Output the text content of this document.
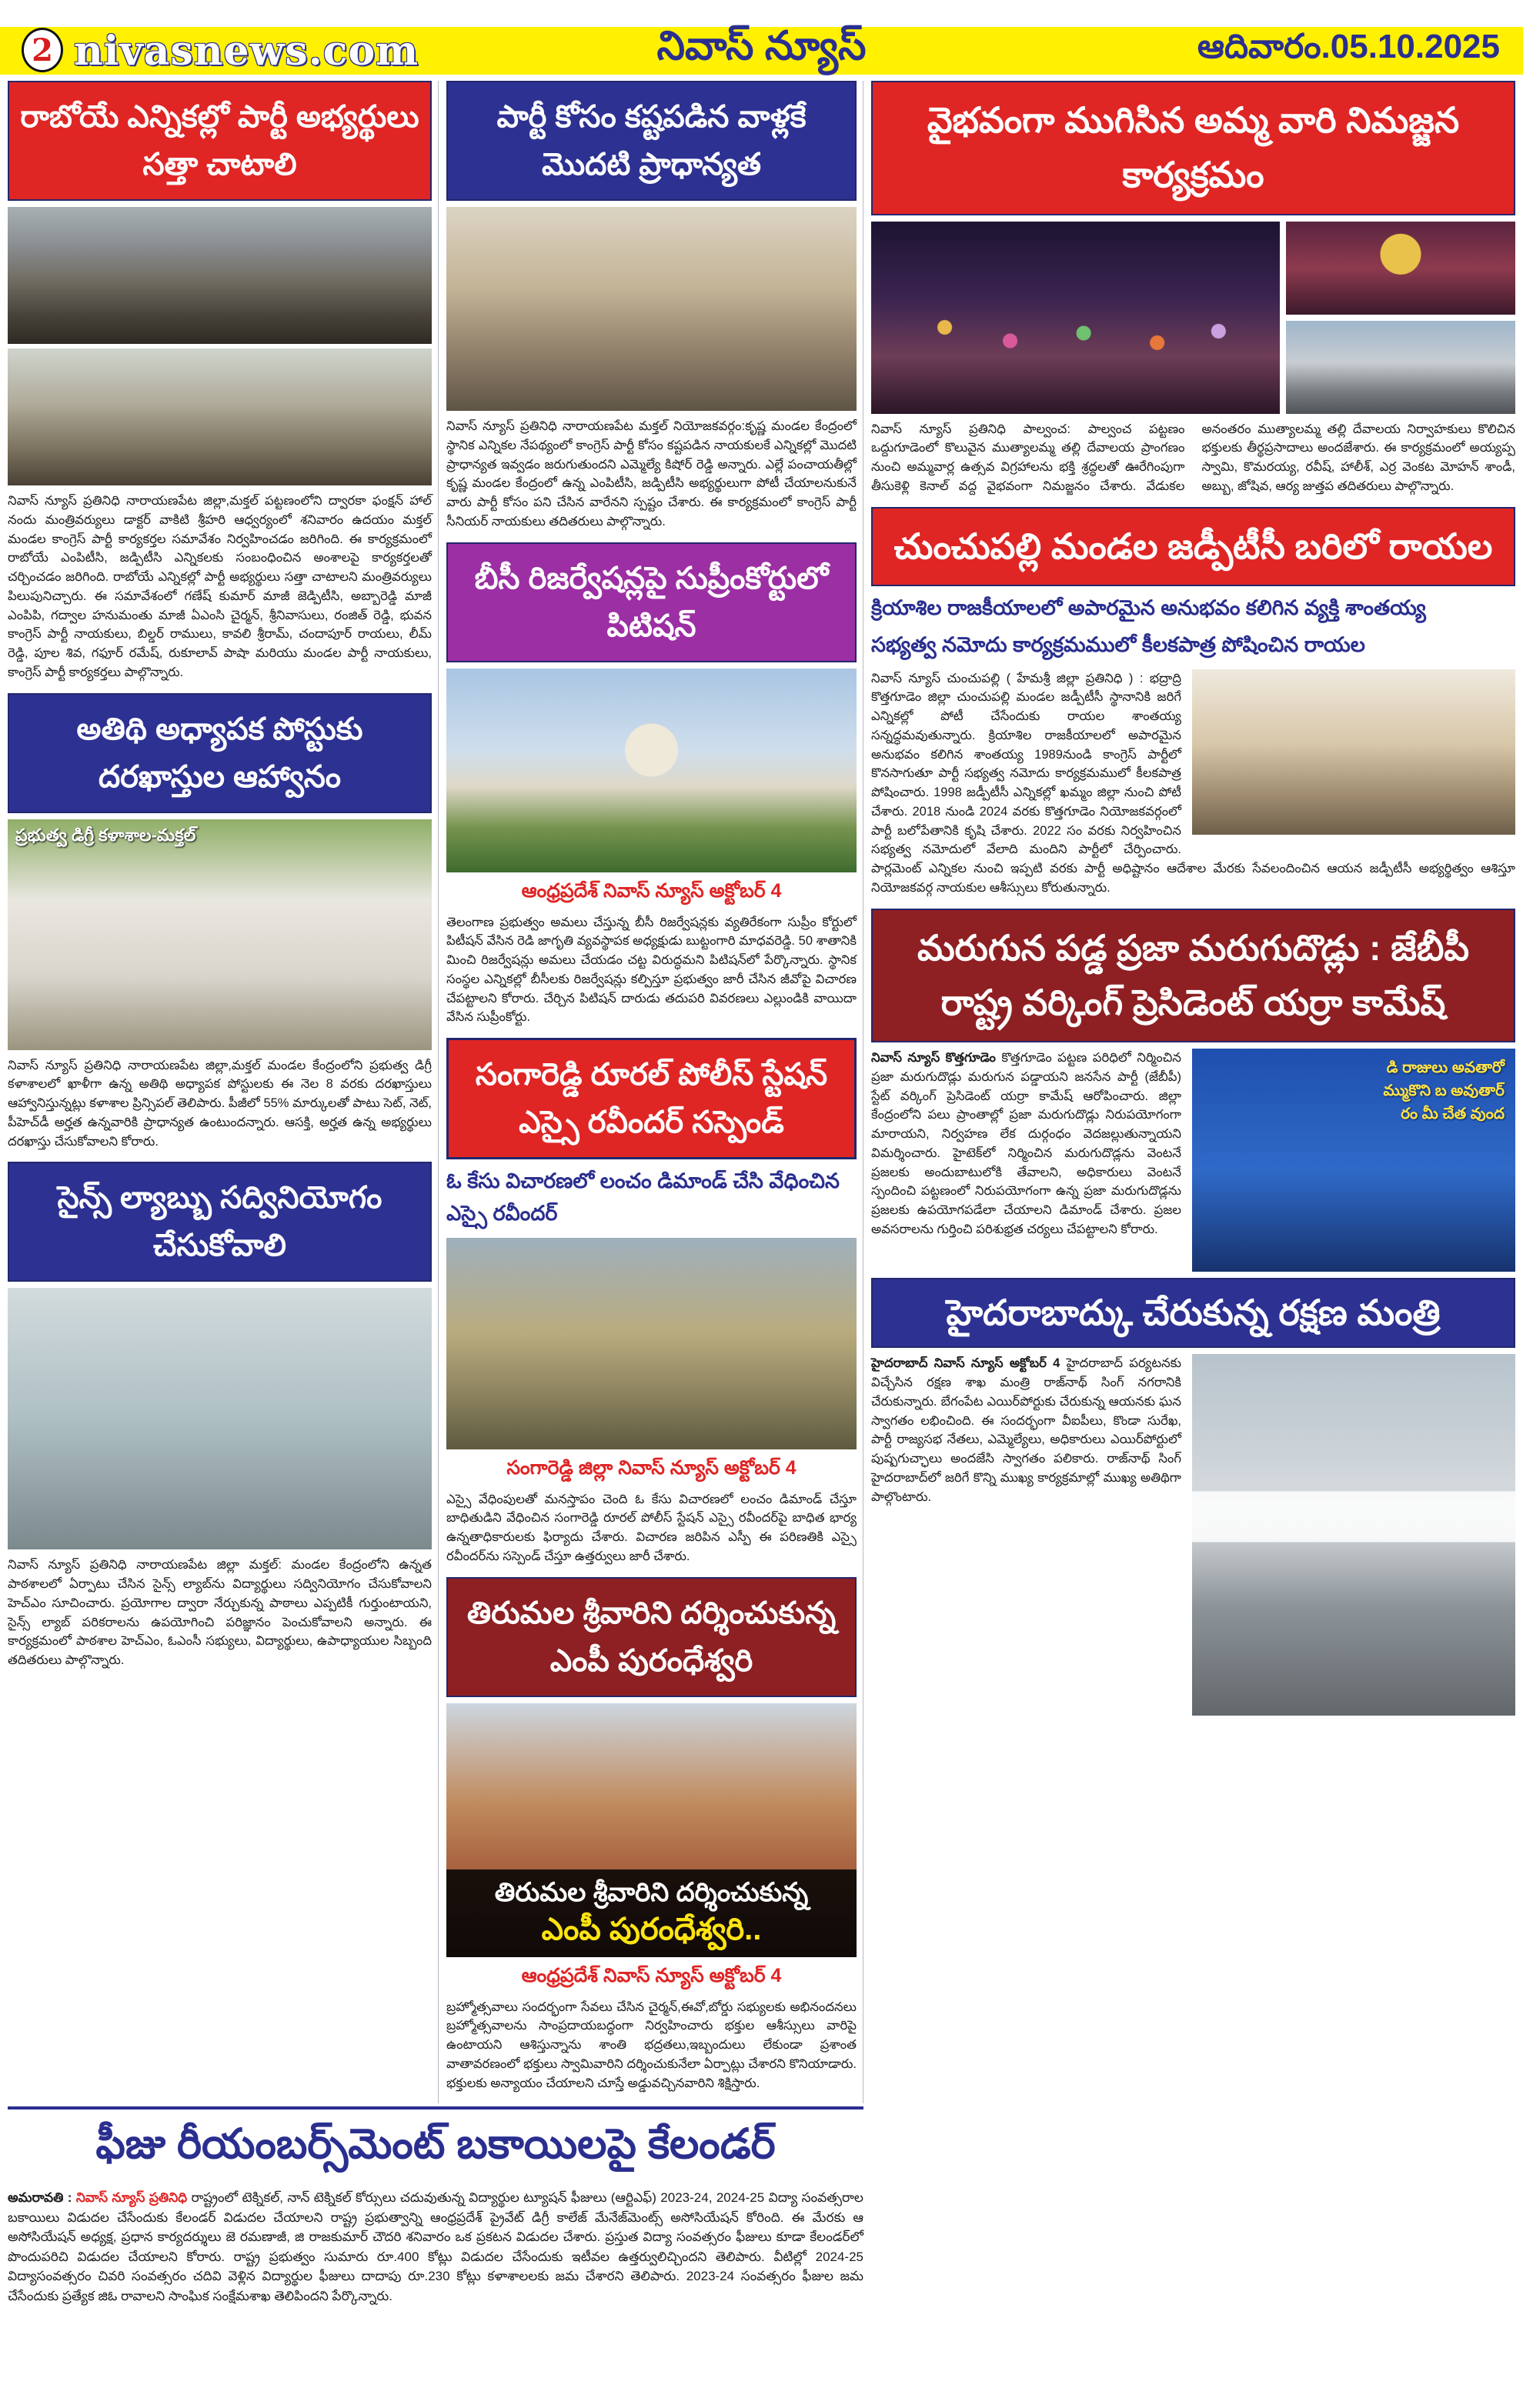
2 nivasnews.com	నివాస్ న్యూస్	ఆదివారం.05.10.2025
రాబోయే ఎన్నికల్లో పార్టీ అభ్యర్థులు సత్తా చాటాలి

నివాస్ న్యూస్ ప్రతినిధి నారాయణపేట జిల్లా,మక్తల్ పట్టణంలోని ద్వారకా ఫంక్షన్ హాల్ నందు మంత్రివర్యులు డాక్టర్ వాకిటి శ్రీహరి ఆధ్వర్యంలో శనివారం ఉదయం మక్తల్ మండల కాంగ్రెస్ పార్టీ కార్యకర్తల సమావేశం నిర్వహించడం జరిగింది. ఈ కార్యక్రమంలో రాబోయే ఎంపిటీసి, జడ్పిటీసి ఎన్నికలకు సంబంధించిన అంశాలపై కార్యకర్తలతో చర్చించడం జరిగింది. రాబోయే ఎన్నికల్లో పార్టీ అభ్యర్థులు సత్తా చాటాలని మంత్రివర్యులు పిలుపునిచ్చారు. ఈ సమావేశంలో గణేష్ కుమార్ మాజీ జెడ్పిటీసి, అబ్బారెడ్డి మాజీ ఎంపిపి, గద్వాల హనుమంతు మాజీ ఏఎంసి చైర్మన్, శ్రీనివాసులు, రంజిత్ రెడ్డి, భువన కాంగ్రెస్ పార్టీ నాయకులు, బిల్డర్ రాములు, కావలి శ్రీరామ్, చందాపూర్ రాయలు, లీమ్ రెడ్డి, పూల శివ, గఫూర్ రమేష్, రుకూలావ్ పాషా మరియు మండల పార్టీ నాయకులు, కాంగ్రెస్ పార్టీ కార్యకర్తలు పాల్గొన్నారు.

అతిథి అధ్యాపక పోస్టుకు దరఖాస్తుల ఆహ్వానం
ప్రభుత్వ డిగ్రీ కళాశాల-మక్తల్

నివాస్ న్యూస్ ప్రతినిధి నారాయణపేట జిల్లా,మక్తల్ మండల కేంద్రంలోని ప్రభుత్వ డిగ్రీ కళాశాలలో ఖాళీగా ఉన్న అతిథి అధ్యాపక పోస్టులకు ఈ నెల 8 వరకు దరఖాస్తులు ఆహ్వానిస్తున్నట్లు కళాశాల ప్రిన్సిపల్ తెలిపారు. పీజీలో 55% మార్కులతో పాటు సెట్, నెట్, పీహెచ్‌డీ అర్హత ఉన్నవారికి ప్రాధాన్యత ఉంటుందన్నారు. ఆసక్తి, అర్హత ఉన్న అభ్యర్థులు దరఖాస్తు చేసుకోవాలని కోరారు.

సైన్స్ ల్యాబ్బు సద్వినియోగం చేసుకోవాలి

నివాస్ న్యూస్ ప్రతినిధి నారాయణపేట జిల్లా మక్తల్: మండల కేంద్రంలోని ఉన్నత పాఠశాలలో ఏర్పాటు చేసిన సైన్స్ ల్యాబ్‌ను విద్యార్థులు సద్వినియోగం చేసుకోవాలని హెచ్‌ఎం సూచించారు. ప్రయోగాల ద్వారా నేర్చుకున్న పాఠాలు ఎప్పటికీ గుర్తుంటాయని, సైన్స్ ల్యాబ్ పరికరాలను ఉపయోగించి పరిజ్ఞానం పెంచుకోవాలని అన్నారు. ఈ కార్యక్రమంలో పాఠశాల హెచ్ఎం, ఓఎంసీ సభ్యులు, విద్యార్థులు, ఉపాధ్యాయుల సిబ్బంది తదితరులు పాల్గొన్నారు.

పార్టీ కోసం కష్టపడిన వాళ్లకే మొదటి ప్రాధాన్యత

నివాస్ న్యూస్ ప్రతినిధి నారాయణపేట మక్తల్ నియోజకవర్గం:కృష్ణ మండల కేంద్రంలో స్థానిక ఎన్నికల నేపథ్యంలో కాంగ్రెస్ పార్టీ కోసం కష్టపడిన నాయకులకే ఎన్నికల్లో మొదటి ప్రాధాన్యత ఇవ్వడం జరుగుతుందని ఎమ్మెల్యే కిషోర్ రెడ్డి అన్నారు. ఎల్లే పంచాయతీల్లో కృష్ణ మండల కేంద్రంలో ఉన్న ఎంపిటీసి, జడ్పిటీసి అభ్యర్థులుగా పోటీ చేయాలనుకునే వారు పార్టీ కోసం పని చేసిన వారేనని స్పష్టం చేశారు. ఈ కార్యక్రమంలో కాంగ్రెస్ పార్టీ సీనియర్ నాయకులు తదితరులు పాల్గొన్నారు.

బీసీ రిజర్వేషన్లపై సుప్రీంకోర్టులో పిటిషన్
ఆంధ్రప్రదేశ్ నివాస్ న్యూస్ అక్టోబర్ 4

తెలంగాణ ప్రభుత్వం అమలు చేస్తున్న బీసీ రిజర్వేషన్లకు వ్యతిరేకంగా సుప్రీం కోర్టులో పిటీషన్ వేసిన రెడి జాగృతి వ్యవస్థాపక అధ్యక్షుడు బుట్టంగారి మాధవరెడ్డి. 50 శాతానికి మించి రిజర్వేషన్లు అమలు చేయడం చట్ట విరుద్ధమని పిటిషన్‌లో పేర్కొన్నారు. స్థానిక సంస్థల ఎన్నికల్లో బీసీలకు రిజర్వేషన్లు కల్పిస్తూ ప్రభుత్వం జారీ చేసిన జీవోపై విచారణ చేపట్టాలని కోరారు. చేర్చిన పిటిషన్ దారుడు తదుపరి వివరణలు ఎల్లుండికి వాయిదా వేసిన సుప్రీంకోర్టు.

సంగారెడ్డి రూరల్ పోలీస్ స్టేషన్ ఎస్సై రవీందర్ సస్పెండ్
ఓ కేసు విచారణలో లంచం డిమాండ్ చేసి వేధించిన ఎస్సై రవీందర్
సంగారెడ్డి జిల్లా నివాస్ న్యూస్ అక్టోబర్ 4

ఎస్సై వేధింపులతో మనస్తాపం చెంది ఓ కేసు విచారణలో లంచం డిమాండ్ చేస్తూ బాధితుడిని వేధించిన సంగారెడ్డి రూరల్ పోలీస్ స్టేషన్ ఎస్సై రవీందర్‌పై బాధిత భార్య ఉన్నతాధికారులకు ఫిర్యాదు చేశారు. విచారణ జరిపిన ఎస్పీ ఈ పరిణతికి ఎస్సై రవీందర్‌ను సస్పెండ్ చేస్తూ ఉత్తర్వులు జారీ చేశారు.

తిరుమల శ్రీవారిని దర్శించుకున్న
ఎంపీ పురంధేశ్వరి
తిరుమల శ్రీవారిని దర్శించుకున్న
ఎంపీ పురంధేశ్వరి..
ఆంధ్రప్రదేశ్ నివాస్ న్యూస్ అక్టోబర్ 4

బ్రహ్మోత్సవాలు సందర్భంగా సేవలు చేసిన చైర్మన్,ఈవో,బోర్డు సభ్యులకు అభినందనలు బ్రహ్మోత్సవాలను సాంప్రదాయబద్ధంగా నిర్వహించారు భక్తుల ఆశీస్సులు వారిపై ఉంటాయని ఆశిస్తున్నాను శాంతి భద్రతలు,ఇబ్బందులు లేకుండా ప్రశాంత వాతావరణంలో భక్తులు స్వామివారిని దర్శించుకునేలా ఏర్పాట్లు చేశారని కొనియాడారు. భక్తులకు అన్యాయం చేయాలని చూస్తే అడ్డువచ్చినవారిని శిక్షిస్తారు.

ఫీజు రీయంబర్స్‌మెంట్ బకాయిలపై కేలండర్

అమరావతి : నివాస్ న్యూస్ ప్రతినిధి రాష్ట్రంలో టెక్నికల్, నాన్ టెక్నికల్ కోర్సులు చదువుతున్న విద్యార్థుల ట్యూషన్ ఫీజులు (ఆర్టిఎఫ్) 2023-24, 2024-25 విద్యా సంవత్సరాల బకాయిలు విడుదల చేసేందుకు కేలండర్ విడుదల చేయాలని రాష్ట్ర ప్రభుత్వాన్ని ఆంధ్రప్రదేశ్ ప్రైవేట్ డిగ్రీ కాలేజ్ మేనేజ్‌మెంట్స్ అసోసియేషన్ కోరింది. ఈ మేరకు ఆ అసోసియేషన్ అధ్యక్ష, ప్రధాన కార్యదర్శులు జె రమణాజీ, జి రాజకుమార్ చౌదరి శనివారం ఒక ప్రకటన విడుదల చేశారు. ప్రస్తుత విద్యా సంవత్సరం ఫీజులు కూడా కేలండర్‌లో పొందుపరిచి విడుదల చేయాలని కోరారు. రాష్ట్ర ప్రభుత్వం సుమారు రూ.400 కోట్లు విడుదల చేసేందుకు ఇటీవల ఉత్తర్వులిచ్చిందని తెలిపారు. వీటిల్లో 2024-25 విద్యాసంవత్సరం చివరి సంవత్సరం చదివి వెళ్లిన విద్యార్థుల ఫీజులు దాదాపు రూ.230 కోట్లు కళాశాలలకు జమ చేశారని తెలిపారు. 2023-24 సంవత్సరం ఫీజుల జమ చేసేందుకు ప్రత్యేక జిఓ రావాలని సాంఘిక సంక్షేమశాఖ తెలిపిందని పేర్కొన్నారు.

వైభవంగా ముగిసిన అమ్మ వారి నిమజ్జన కార్యక్రమం

నివాస్ న్యూస్ ప్రతినిధి పాల్వంచ: పాల్వంచ పట్టణం ఒద్దుగూడెంలో కొలువైన ముత్యాలమ్మ తల్లి దేవాలయ ప్రాంగణం నుంచి అమ్మవార్ల ఉత్సవ విగ్రహాలను భక్తి శ్రద్ధలతో ఊరేగింపుగా తీసుకెళ్లి కెనాల్ వద్ద వైభవంగా నిమజ్జనం చేశారు. వేడుకల అనంతరం ముత్యాలమ్మ తల్లి దేవాలయ నిర్వాహకులు కొలిచిన భక్తులకు తీర్థప్రసాదాలు అందజేశారు. ఈ కార్యక్రమంలో అయ్యప్ప స్వామి, కొమరయ్య, రవీష్, హాలీశ్, ఎర్ర వెంకట మోహన్ శాండీ, అబ్బు, జోషివ, ఆర్య జుత్తప తదితరులు పాల్గొన్నారు.

చుంచుపల్లి మండల జడ్పీటీసీ బరిలో రాయల
క్రియాశిల రాజకీయాలలో అపారమైన అనుభవం కలిగిన వ్యక్తి శాంతయ్య
సభ్యత్వ నమోదు కార్యక్రమములో కీలకపాత్ర పోషించిన రాయల

నివాస్ న్యూస్ చుంచుపల్లి ( హేమశ్రీ జిల్లా ప్రతినిధి ) : భద్రాద్రి కొత్తగూడెం జిల్లా చుంచుపల్లి మండల జడ్పీటీసీ స్థానానికి జరిగే ఎన్నికల్లో పోటీ చేసేందుకు రాయల శాంతయ్య సన్నద్ధమవుతున్నారు. క్రియాశిల రాజకీయాలలో అపారమైన అనుభవం కలిగిన శాంతయ్య 1989నుండి కాంగ్రెస్ పార్టీలో కొనసాగుతూ పార్టీ సభ్యత్వ నమోదు కార్యక్రమములో కీలకపాత్ర పోషించారు. 1998 జడ్పీటీసీ ఎన్నికల్లో ఖమ్మం జిల్లా నుంచి పోటీ చేశారు. 2018 నుండి 2024 వరకు కొత్తగూడెం నియోజకవర్గంలో పార్టీ బలోపేతానికి కృషి చేశారు. 2022 సం వరకు నిర్వహించిన సభ్యత్వ నమోదులో వేలాది మందిని పార్టీలో చేర్పించారు. పార్లమెంట్ ఎన్నికల నుంచి ఇప్పటి వరకు పార్టీ అధిష్టానం ఆదేశాల మేరకు సేవలందించిన ఆయన జడ్పీటీసీ అభ్యర్థిత్వం ఆశిస్తూ నియోజకవర్గ నాయకుల ఆశీస్సులు కోరుతున్నారు.

మరుగున పడ్డ ప్రజా మరుగుదొడ్లు : జేబీపీ రాష్ట్ర వర్కింగ్ ప్రెసిడెంట్ యర్రా కామేష్
డి రాజులు అవతారో
మ్ముకొని బ అవుతార్
రం మీ చేత వుంద

నివాస్ న్యూస్ కొత్తగూడెం కొత్తగూడెం పట్టణ పరిధిలో నిర్మించిన ప్రజా మరుగుదొడ్లు మరుగున పడ్డాయని జనసేన పార్టీ (జేబీపీ) స్టేట్ వర్కింగ్ ప్రెసిడెంట్ యర్రా కామేష్ ఆరోపించారు. జిల్లా కేంద్రంలోని పలు ప్రాంతాల్లో ప్రజా మరుగుదొడ్లు నిరుపయోగంగా మారాయని, నిర్వహణ లేక దుర్గంధం వెదజల్లుతున్నాయని విమర్శించారు. హైటెక్‌లో నిర్మించిన మరుగుదొడ్లను వెంటనే ప్రజలకు అందుబాటులోకి తేవాలని, అధికారులు వెంటనే స్పందించి పట్టణంలో నిరుపయోగంగా ఉన్న ప్రజా మరుగుదొడ్లను ప్రజలకు ఉపయోగపడేలా చేయాలని డిమాండ్ చేశారు. ప్రజల అవసరాలను గుర్తించి పరిశుభ్రత చర్యలు చేపట్టాలని కోరారు.

హైదరాబాద్కు చేరుకున్న రక్షణ మంత్రి

హైదరాబాద్ నివాస్ న్యూస్ అక్టోబర్ 4 హైదరాబాద్ పర్యటనకు విచ్చేసిన రక్షణ శాఖ మంత్రి రాజ్‌నాథ్ సింగ్ నగరానికి చేరుకున్నారు. బేగంపేట ఎయిర్‌పోర్టుకు చేరుకున్న ఆయనకు ఘన స్వాగతం లభించింది. ఈ సందర్భంగా వీఐపీలు, కొండా సురేఖ, పార్టీ రాజ్యసభ నేతలు, ఎమ్మెల్యేలు, అధికారులు ఎయిర్‌పోర్టులో పుష్పగుచ్ఛాలు అందజేసి స్వాగతం పలికారు. రాజ్‌నాథ్ సింగ్ హైదరాబాద్‌లో జరిగే కొన్ని ముఖ్య కార్యక్రమాల్లో ముఖ్య అతిథిగా పాల్గొంటారు.
